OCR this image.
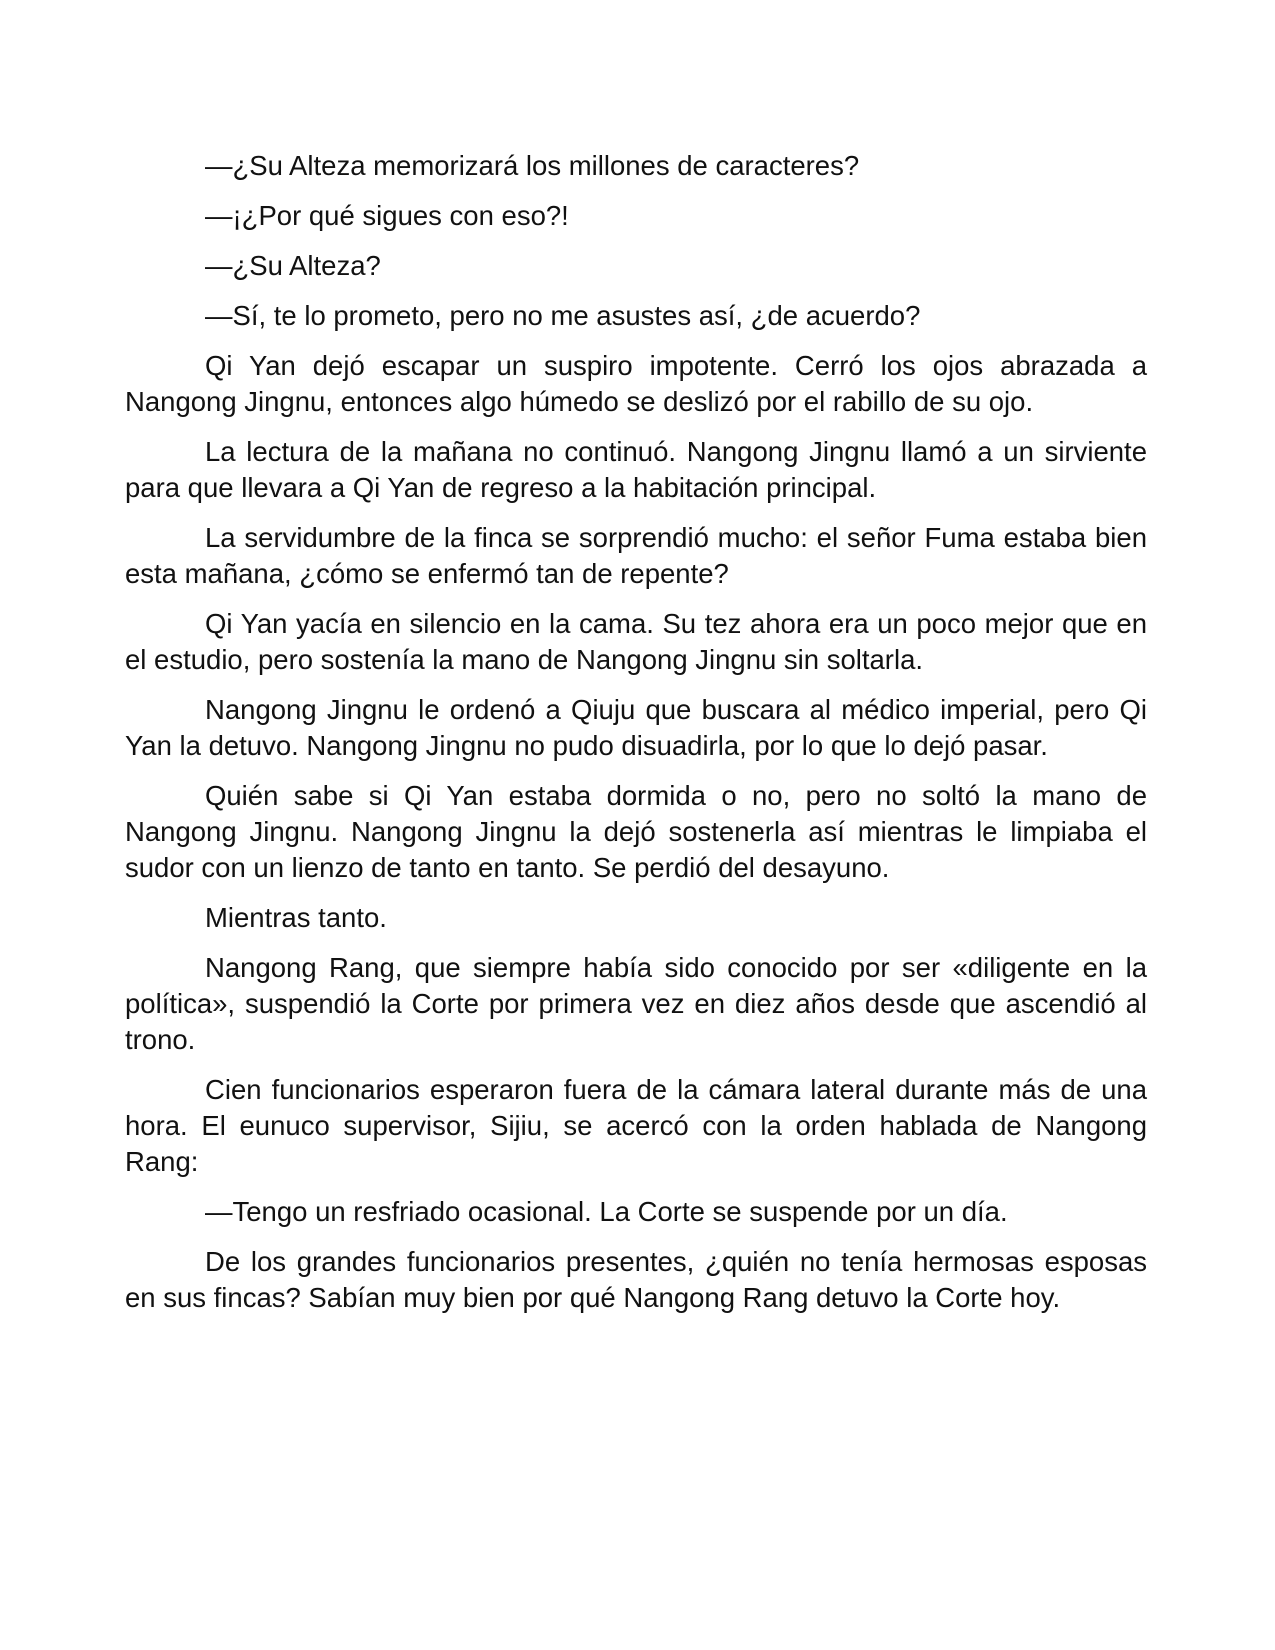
—¿Su Alteza memorizará los millones de caracteres?

—¡¿Por qué sigues con eso?!

—¿Su Alteza?

—Sí, te lo prometo, pero no me asustes así, ¿de acuerdo?

Qi Yan dejó escapar un suspiro impotente. Cerró los ojos abrazada a Nangong Jingnu, entonces algo húmedo se deslizó por el rabillo de su ojo.

La lectura de la mañana no continuó. Nangong Jingnu llamó a un sirviente para que llevara a Qi Yan de regreso a la habitación principal.

La servidumbre de la finca se sorprendió mucho: el señor Fuma estaba bien esta mañana, ¿cómo se enfermó tan de repente?

Qi Yan yacía en silencio en la cama. Su tez ahora era un poco mejor que en el estudio, pero sostenía la mano de Nangong Jingnu sin soltarla.

Nangong Jingnu le ordenó a Qiuju que buscara al médico imperial, pero Qi Yan la detuvo. Nangong Jingnu no pudo disuadirla, por lo que lo dejó pasar.

Quién sabe si Qi Yan estaba dormida o no, pero no soltó la mano de Nangong Jingnu. Nangong Jingnu la dejó sostenerla así mientras le limpiaba el sudor con un lienzo de tanto en tanto. Se perdió del desayuno.

Mientras tanto.

Nangong Rang, que siempre había sido conocido por ser «diligente en la política», suspendió la Corte por primera vez en diez años desde que ascendió al trono.

Cien funcionarios esperaron fuera de la cámara lateral durante más de una hora. El eunuco supervisor, Sijiu, se acercó con la orden hablada de Nangong Rang:

—Tengo un resfriado ocasional. La Corte se suspende por un día.

De los grandes funcionarios presentes, ¿quién no tenía hermosas esposas en sus fincas? Sabían muy bien por qué Nangong Rang detuvo la Corte hoy.
